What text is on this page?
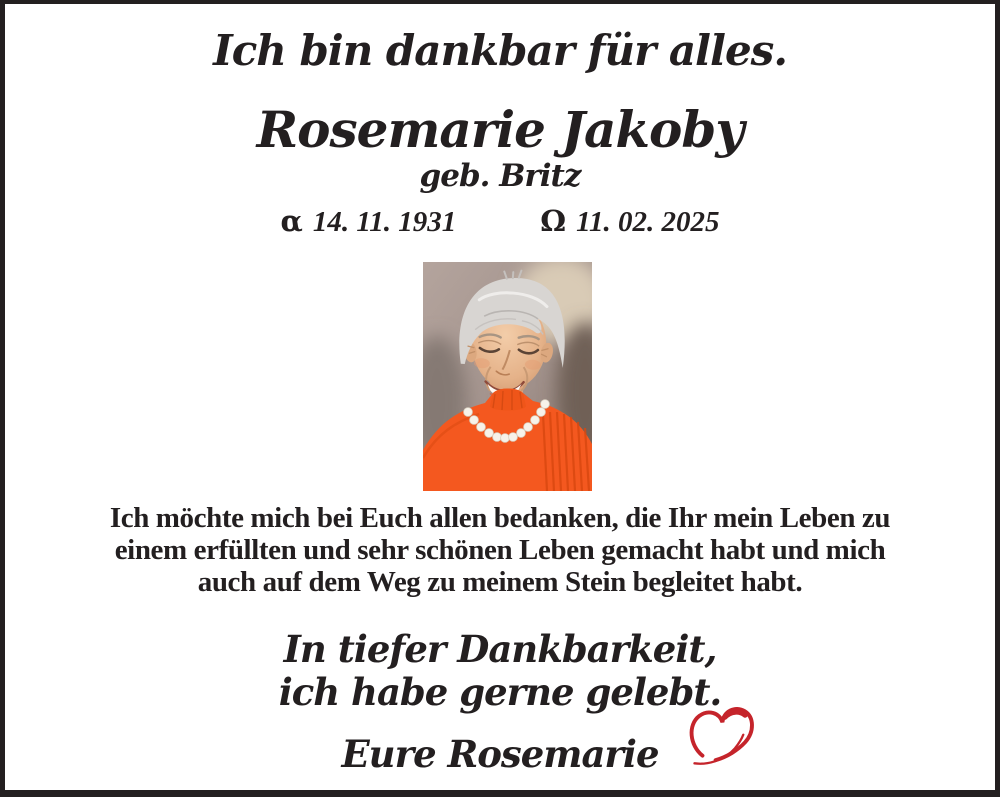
Ich bin dankbar für alles.
Rosemarie Jakoby
geb. Britz
α 14. 11. 1931	Ω 11. 02. 2025
Ich möchte mich bei Euch allen bedanken, die Ihr mein Leben zu
einem erfüllten und sehr schönen Leben gemacht habt und mich
auch auf dem Weg zu meinem Stein begleitet habt.
In tiefer Dankbarkeit,
ich habe gerne gelebt.
Eure Rosemarie
